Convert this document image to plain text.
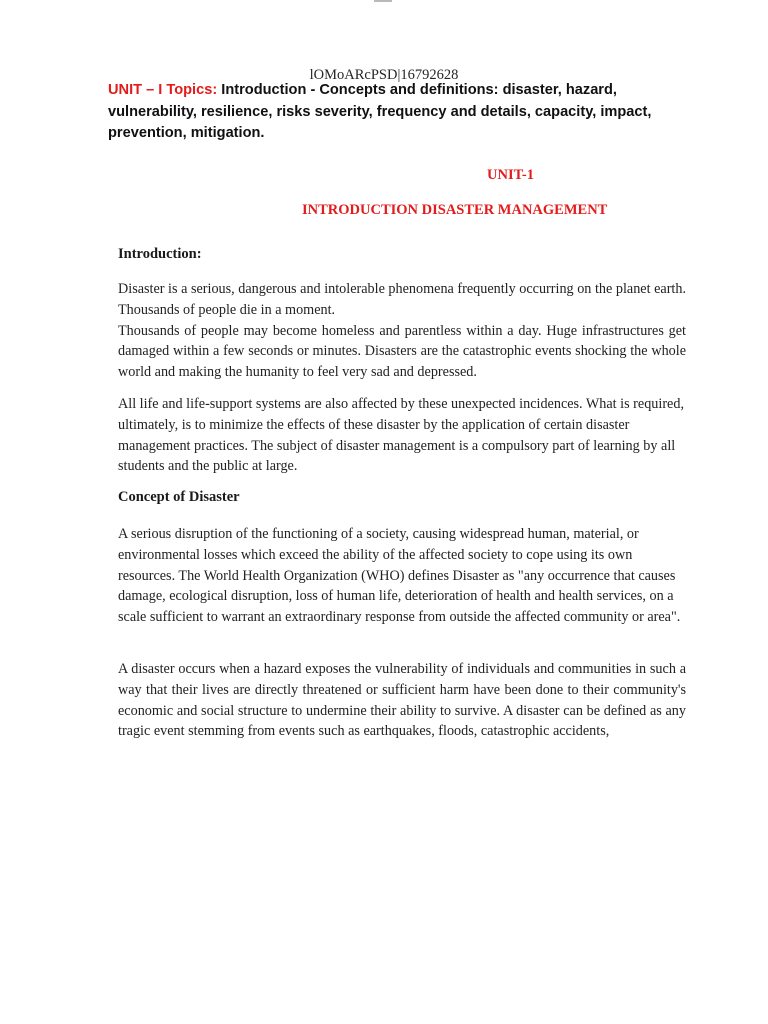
lOMoARcPSD|16792628
UNIT – I Topics: Introduction - Concepts and definitions: disaster, hazard, vulnerability, resilience, risks severity, frequency and details, capacity, impact, prevention, mitigation.
UNIT-1
INTRODUCTION DISASTER MANAGEMENT
Introduction:

Disaster is a serious, dangerous and intolerable phenomena frequently occurring on the planet earth. Thousands of people die in a moment.

Thousands of people may become homeless and parentless within a day. Huge infrastructures get damaged within a few seconds or minutes. Disasters are the catastrophic events shocking the whole world and making the humanity to feel very sad and depressed.

All life and life-support systems are also affected by these unexpected incidences. What is required, ultimately, is to minimize the effects of these disaster by the application of certain disaster management practices. The subject of disaster management is a compulsory part of learning by all students and the public at large.

Concept of Disaster

A serious disruption of the functioning of a society, causing widespread human, material, or environmental losses which exceed the ability of the affected society to cope using its own resources. The World Health Organization (WHO) defines Disaster as "any occurrence that causes damage, ecological disruption, loss of human life, deterioration of health and health services, on a scale sufficient to warrant an extraordinary response from outside the affected community or area".

A disaster occurs when a hazard exposes the vulnerability of individuals and communities in such a way that their lives are directly threatened or sufficient harm have been done to their community's economic and social structure to undermine their ability to survive. A disaster can be defined as any tragic event stemming from events such as earthquakes, floods, catastrophic accidents,
